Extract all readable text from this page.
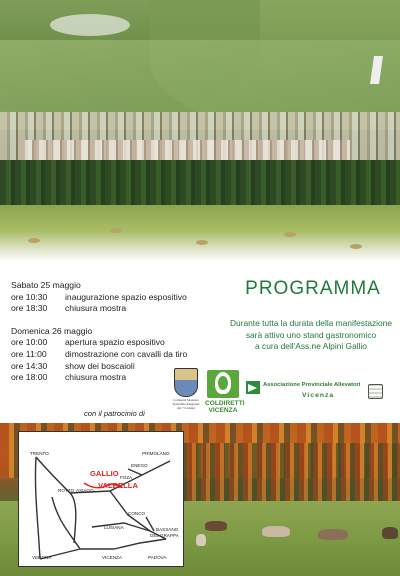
Sabato 25 maggio
ore 10:30	inaugurazione spazio espositivo
ore 18:30	chiusura mostra
Domenica 26 maggio
ore 10:00	apertura spazio espositivo
ore 11:00	dimostrazione con cavalli da tiro
ore 14:30	show dei boscaioli
ore 18:00	chiusura mostra
PROGRAMMA
Durante tutta la durata della manifestazione
sarà attivo uno stand gastronomico
a cura dell'Ass.ne Alpini Gallio
con il patrocinio di
Comunità Montana
Spettabile Reggenza
dei 7 Comuni
COLDIRETTI
VICENZA
Associazione Provinciale Allevatori
Vicenza
TRENTO	PRIMOLANO
ENEGO
GALLIO
VALBELLA
FOZA
ROTZO ASIAGO
CONCO
LUSIANA	BASSANO
DEL GRAPPA
VERONA	VICENZA	PADOVA
